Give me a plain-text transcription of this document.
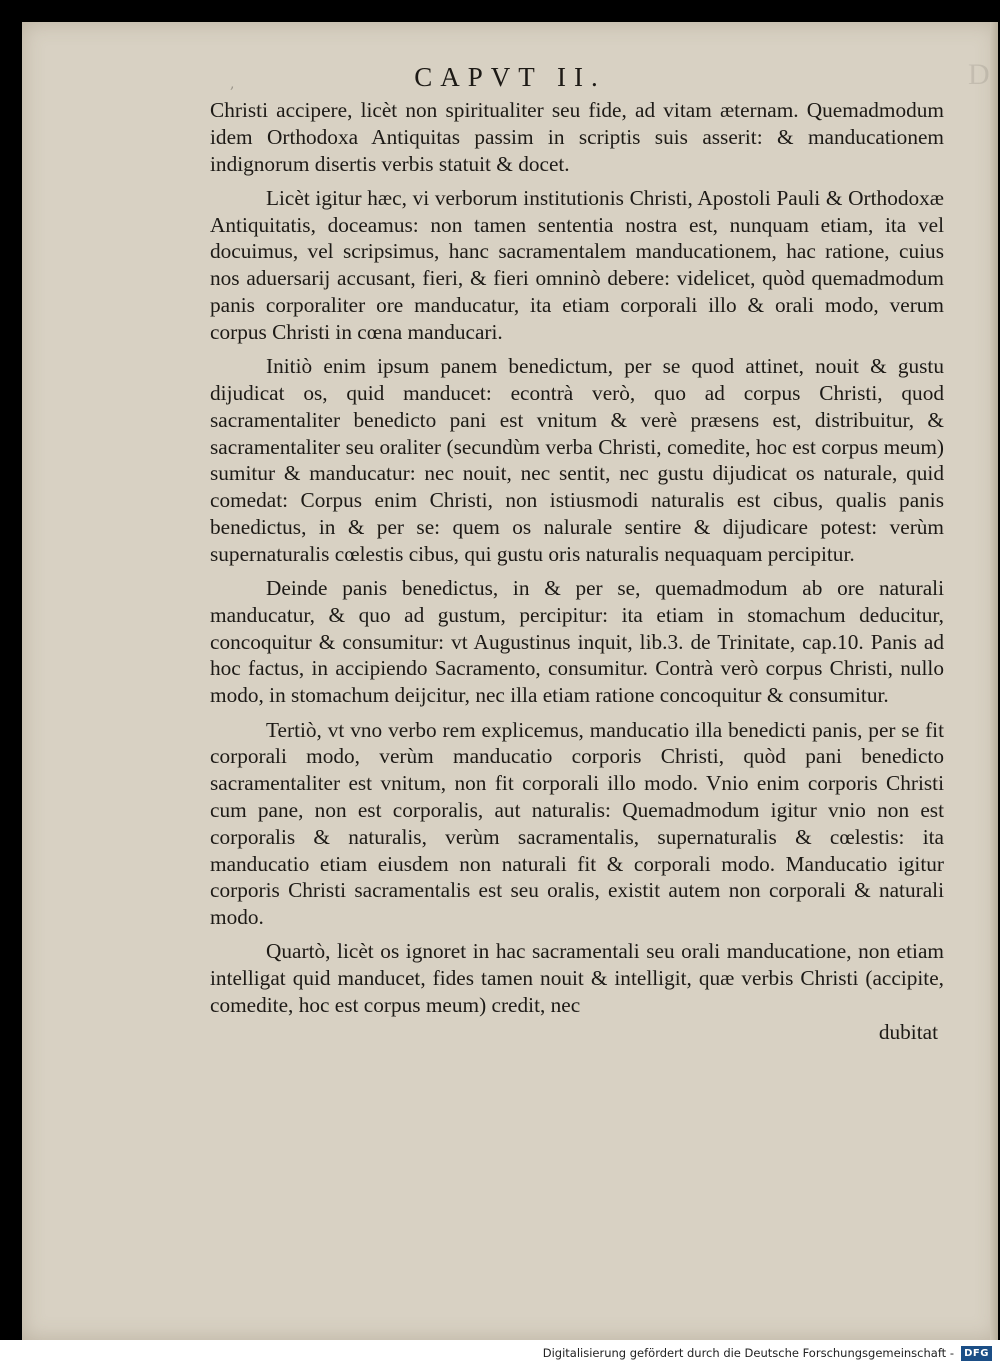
D
,	CAPVT II.

Christi accipere, licèt non spiritualiter seu fide, ad vitam æternam. Quemadmodum idem Orthodoxa Antiquitas passim in scriptis suis asserit: & manducationem indignorum disertis verbis statuit & docet.

Licèt igitur hæc, vi verborum institutionis Christi, Apostoli Pauli & Orthodoxæ Antiquitatis, doceamus: non tamen sententia nostra est, nunquam etiam, ita vel docuimus, vel scripsimus, hanc sacramentalem manducationem, hac ratione, cuius nos aduersarij accusant, fieri, & fieri omninò debere: videlicet, quòd quemadmodum panis corporaliter ore manducatur, ita etiam corporali illo & orali modo, verum corpus Christi in cœna manducari.

Initiò enim ipsum panem benedictum, per se quod attinet, nouit & gustu dijudicat os, quid manducet: econtrà verò, quo ad corpus Christi, quod sacramentaliter benedicto pani est vnitum & verè præsens est, distribuitur, & sacramentaliter seu oraliter (secundùm verba Christi, comedite, hoc est corpus meum) sumitur & manducatur: nec nouit, nec sentit, nec gustu dijudicat os naturale, quid comedat: Corpus enim Christi, non istiusmodi naturalis est cibus, qualis panis benedictus, in & per se: quem os nalurale sentire & dijudicare potest: verùm supernaturalis cœlestis cibus, qui gustu oris naturalis nequaquam percipitur.

Deinde panis benedictus, in & per se, quemadmodum ab ore naturali manducatur, & quo ad gustum, percipitur: ita etiam in stomachum deducitur, concoquitur & consumitur: vt Augustinus inquit, lib.3. de Trinitate, cap.10. Panis ad hoc factus, in accipiendo Sacramento, consumitur. Contrà verò corpus Christi, nullo modo, in stomachum deijcitur, nec illa etiam ratione concoquitur & consumitur.

Tertiò, vt vno verbo rem explicemus, manducatio illa benedicti panis, per se fit corporali modo, verùm manducatio corporis Christi, quòd pani benedicto sacramentaliter est vnitum, non fit corporali illo modo. Vnio enim corporis Christi cum pane, non est corporalis, aut naturalis: Quemadmodum igitur vnio non est corporalis & naturalis, verùm sacramentalis, supernaturalis & cœlestis: ita manducatio etiam eiusdem non naturali fit & corporali modo. Manducatio igitur corporis Christi sacramentalis est seu oralis, existit autem non corporali & naturali modo.

Quartò, licèt os ignoret in hac sacramentali seu orali manducatione, non etiam intelligat quid manducet, fides tamen nouit & intelligit, quæ verbis Christi (accipite, comedite, hoc est corpus meum) credit, nec

dubitat

Digitalisierung gefördert durch die Deutsche Forschungsgemeinschaft -	DFG
